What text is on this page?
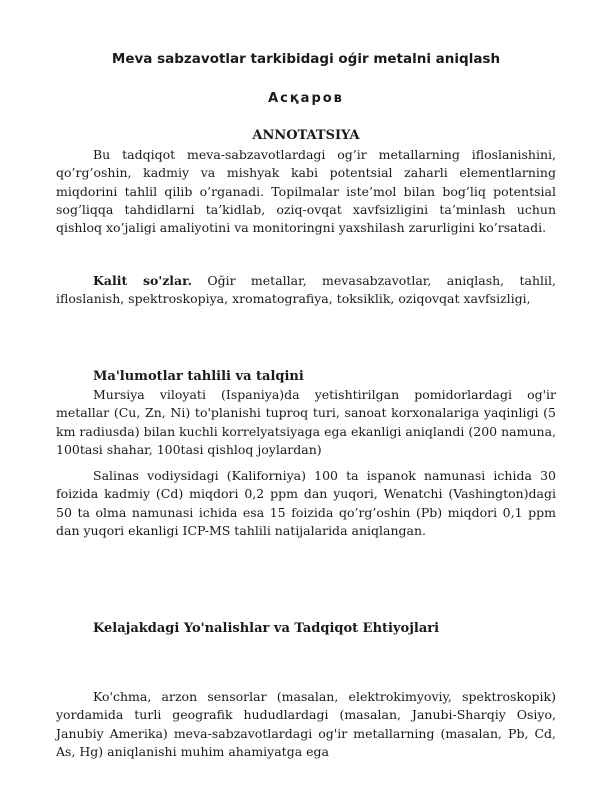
Meva sabzavotlar tarkibidagi oǵir metalni aniqlash
Асқаров
ANNOTATSIYA

Bu tadqiqot meva-sabzavotlardagi og’ir metallarning ifloslanishini, qo’rg’oshin, kadmiy va mishyak kabi potentsial zaharli elementlarning miqdorini tahlil qilib o’rganadi. Topilmalar iste’mol bilan bog’liq potentsial sog’liqqa tahdidlarni ta’kidlab, oziq-ovqat xavfsizligini ta’minlash uchun qishloq xo’jaligi amaliyotini va monitoringni yaxshilash zarurligini ko’rsatadi.

Kalit so'zlar. Oğir metallar, mevasabzavotlar, aniqlash, tahlil, ifloslanish, spektroskopiya, xromatografiya, toksiklik, oziqovqat xavfsizligi,

Ma'lumotlar tahlili va talqini

Mursiya viloyati (Ispaniya)da yetishtirilgan pomidorlardagi og'ir metallar (Cu, Zn, Ni) to'planishi tuproq turi, sanoat korxonalariga yaqinligi (5 km radiusda) bilan kuchli korrelyatsiyaga ega ekanligi aniqlandi (200 namuna, 100tasi shahar, 100tasi qishloq joylardan)

Salinas vodiysidagi (Kaliforniya) 100 ta ispanok namunasi ichida 30 foizida kadmiy (Cd) miqdori 0,2 ppm dan yuqori, Wenatchi (Vashington)dagi 50 ta olma namunasi ichida esa 15 foizida qo’rg’oshin (Pb) miqdori 0,1 ppm dan yuqori ekanligi ICP-MS tahlili natijalarida aniqlangan.

Kelajakdagi Yo'nalishlar va Tadqiqot Ehtiyojlari

Ko'chma, arzon sensorlar (masalan, elektrokimyoviy, spektroskopik) yordamida turli geografik hududlardagi (masalan, Janubi-Sharqiy Osiyo, Janubiy Amerika) meva-sabzavotlardagi og'ir metallarning (masalan, Pb, Cd, As, Hg) aniqlanishi muhim ahamiyatga ega
